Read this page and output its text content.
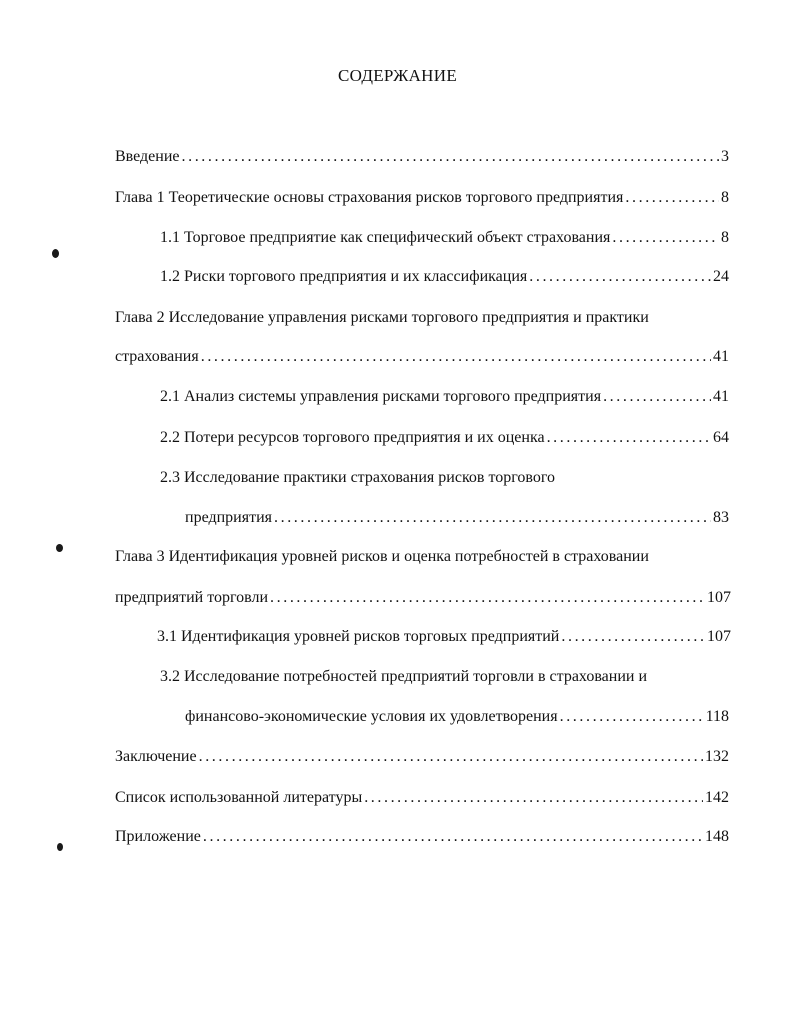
СОДЕРЖАНИЕ
Введение .....	3
Глава 1 Теоретические основы страхования рисков торгового предприятия .....	8
1.1 Торговое предприятие как специфический объект страхования .....	8
1.2 Риски торгового предприятия и их классификация .....	24
Глава 2 Исследование управления рисками торгового предприятия и практики
страхования .....	41
2.1 Анализ системы управления рисками торгового предприятия .....	41
2.2 Потери ресурсов торгового предприятия и их оценка .....	64
2.3 Исследование практики страхования рисков торгового
предприятия .....	83
Глава 3 Идентификация уровней рисков и оценка потребностей в страховании
предприятий торговли .....	107
3.1 Идентификация уровней рисков торговых предприятий .....	107
3.2 Исследование потребностей предприятий торговли в страховании и
финансово-экономические условия их удовлетворения .....	118
Заключение .....	132
Список использованной литературы .....	142
Приложение .....	148
